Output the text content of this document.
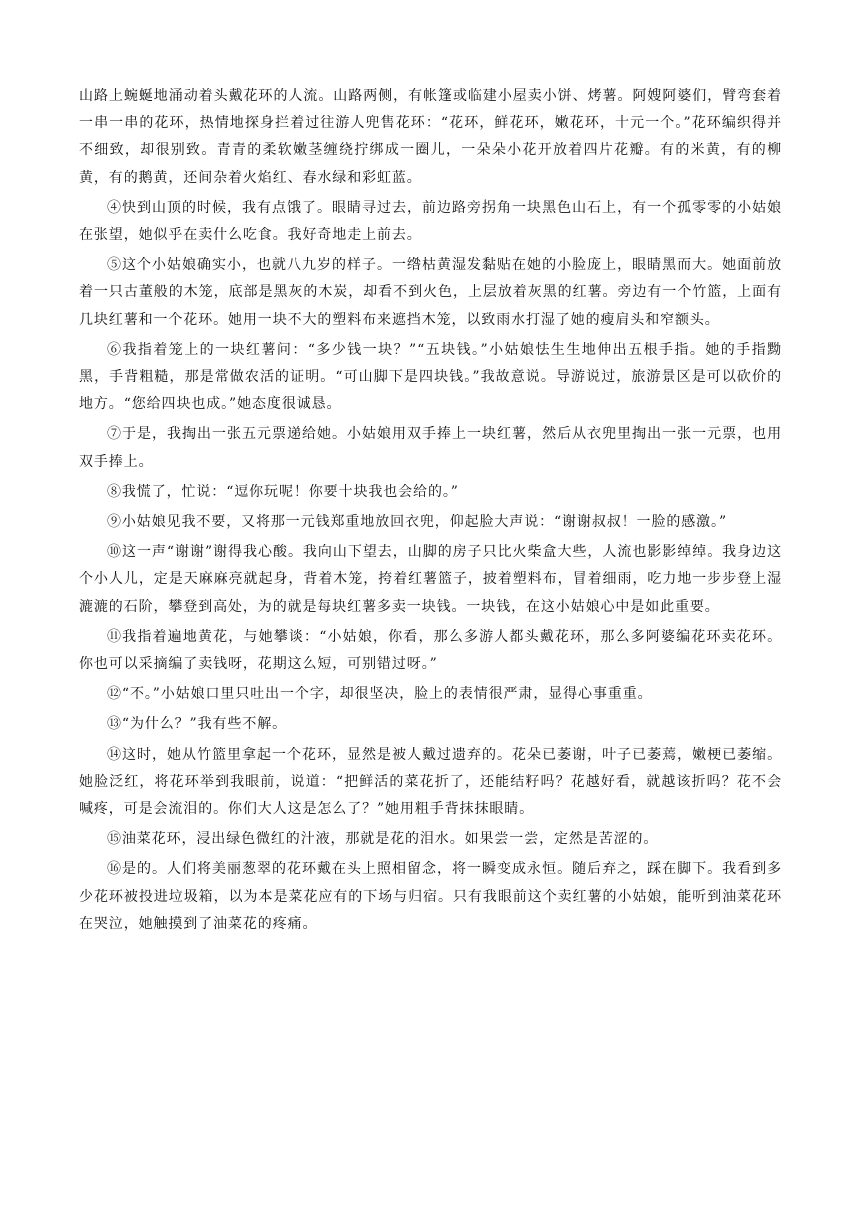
山路上蜿蜒地涌动着头戴花环的人流。山路两侧，有帐篷或临建小屋卖小饼、烤薯。阿嫂阿婆们，臂弯套着一串一串的花环，热情地探身拦着过往游人兜售花环：“花环，鲜花环，嫩花环，十元一个。”花环编织得并不细致，却很别致。青青的柔软嫩茎缠绕拧绑成一圈儿，一朵朵小花开放着四片花瓣。有的米黄，有的柳黄，有的鹅黄，还间杂着火焰红、春水绿和彩虹蓝。

④快到山顶的时候，我有点饿了。眼睛寻过去，前边路旁拐角一块黑色山石上，有一个孤零零的小姑娘在张望，她似乎在卖什么吃食。我好奇地走上前去。

⑤这个小姑娘确实小，也就八九岁的样子。一绺枯黄湿发黏贴在她的小脸庞上，眼睛黑而大。她面前放着一只古董般的木笼，底部是黑灰的木炭，却看不到火色，上层放着灰黑的红薯。旁边有一个竹篮，上面有几块红薯和一个花环。她用一块不大的塑料布来遮挡木笼，以致雨水打湿了她的瘦肩头和窄额头。

⑥我指着笼上的一块红薯问：“多少钱一块？”“五块钱。”小姑娘怯生生地伸出五根手指。她的手指黝黑，手背粗糙，那是常做农活的证明。“可山脚下是四块钱。”我故意说。导游说过，旅游景区是可以砍价的地方。“您给四块也成。”她态度很诚恳。

⑦于是，我掏出一张五元票递给她。小姑娘用双手捧上一块红薯，然后从衣兜里掏出一张一元票，也用双手捧上。

⑧我慌了，忙说：“逗你玩呢！你要十块我也会给的。”

⑨小姑娘见我不要，又将那一元钱郑重地放回衣兜，仰起脸大声说：“谢谢叔叔！一脸的感激。”

⑩这一声“谢谢”谢得我心酸。我向山下望去，山脚的房子只比火柴盒大些，人流也影影绰绰。我身边这个小人儿，定是天麻麻亮就起身，背着木笼，挎着红薯篮子，披着塑料布，冒着细雨，吃力地一步步登上湿漉漉的石阶，攀登到高处，为的就是每块红薯多卖一块钱。一块钱，在这小姑娘心中是如此重要。

⑪我指着遍地黄花，与她攀谈：“小姑娘，你看，那么多游人都头戴花环，那么多阿婆编花环卖花环。你也可以采摘编了卖钱呀，花期这么短，可别错过呀。”

⑫“不。”小姑娘口里只吐出一个字，却很坚决，脸上的表情很严肃，显得心事重重。

⑬“为什么？”我有些不解。

⑭这时，她从竹篮里拿起一个花环，显然是被人戴过遗弃的。花朵已萎谢，叶子已萎蔫，嫩梗已萎缩。她脸泛红，将花环举到我眼前，说道：“把鲜活的菜花折了，还能结籽吗？花越好看，就越该折吗？花不会喊疼，可是会流泪的。你们大人这是怎么了？”她用粗手背抹抹眼睛。

⑮油菜花环，浸出绿色微红的汁液，那就是花的泪水。如果尝一尝，定然是苦涩的。

⑯是的。人们将美丽葱翠的花环戴在头上照相留念，将一瞬变成永恒。随后弃之，踩在脚下。我看到多少花环被投进垃圾箱，以为本是菜花应有的下场与归宿。只有我眼前这个卖红薯的小姑娘，能听到油菜花环在哭泣，她触摸到了油菜花的疼痛。
